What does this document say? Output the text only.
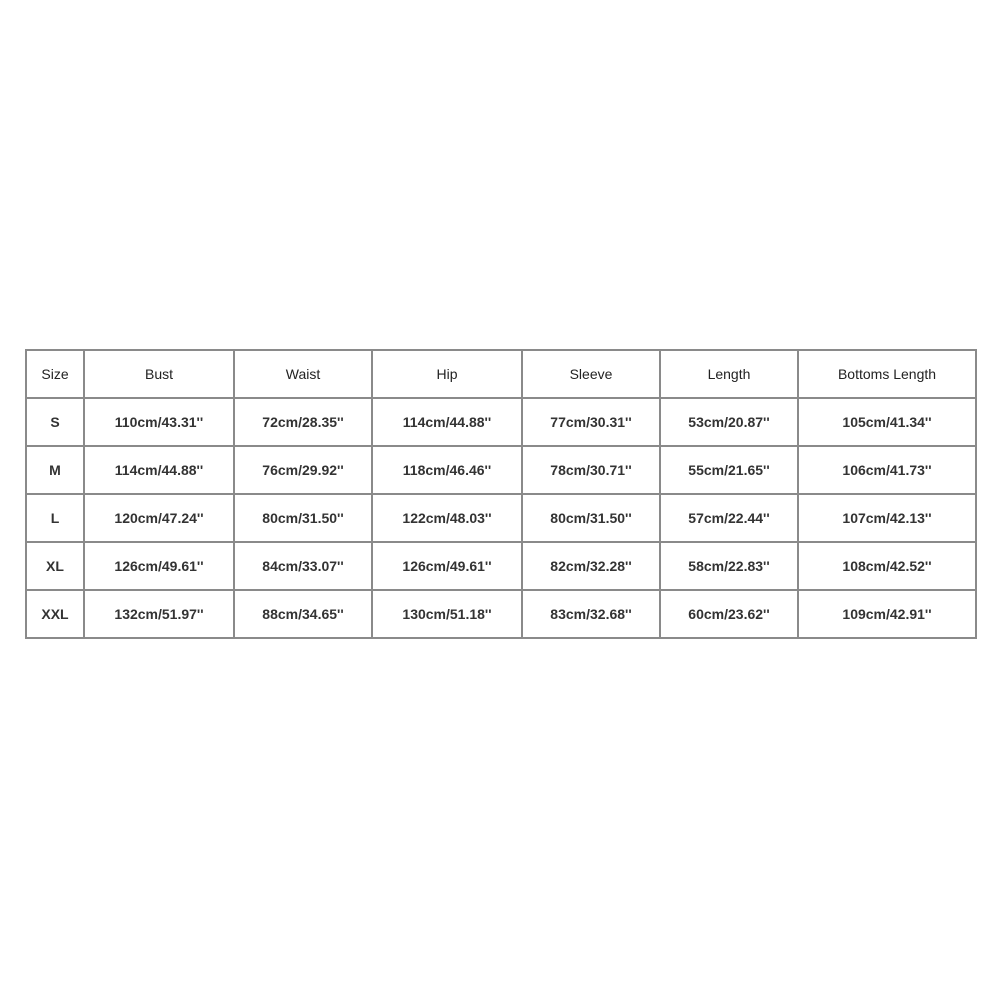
Size	Bust	Waist	Hip	Sleeve	Length	Bottoms Length
S	110cm/43.31''	72cm/28.35''	114cm/44.88''	77cm/30.31''	53cm/20.87''	105cm/41.34''
M	114cm/44.88''	76cm/29.92''	118cm/46.46''	78cm/30.71''	55cm/21.65''	106cm/41.73''
L	120cm/47.24''	80cm/31.50''	122cm/48.03''	80cm/31.50''	57cm/22.44''	107cm/42.13''
XL	126cm/49.61''	84cm/33.07''	126cm/49.61''	82cm/32.28''	58cm/22.83''	108cm/42.52''
XXL	132cm/51.97''	88cm/34.65''	130cm/51.18''	83cm/32.68''	60cm/23.62''	109cm/42.91''
